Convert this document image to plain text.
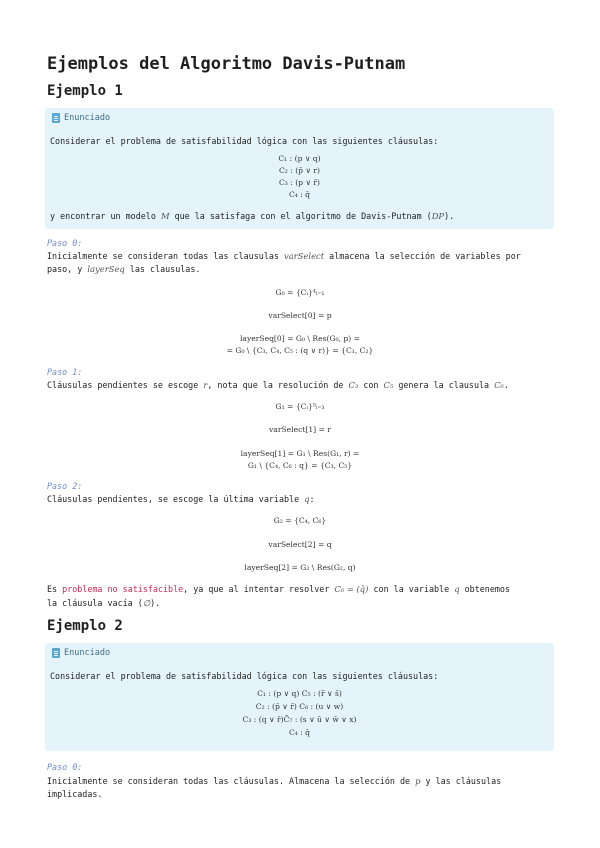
Ejemplos del Algoritmo Davis-Putnam
Ejemplo 1
Enunciado
Considerar el problema de satisfabilidad lógica con las siguientes cláusulas:
C₁ : (p ∨ q)
C₂ : (p̄ ∨ r)
C₃ : (p ∨ r̄)
C₄ : q̄
y encontrar un modelo M que la satisfaga con el algoritmo de Davis-Putnam (DP).
Paso 0:
Inicialmente se consideran todas las clausulas varSelect almacena la selección de variables por
paso, y layerSeq las clausulas.
G₀ = {Cᵢ}⁴ᵢ₌₁
varSelect[0] = p
layerSeq[0] = G₀ \ Res(G₀, p) =
= G₀ \ {C₃, C₄, C₅ : (q ∨ r)} = {C₁, C₂}
Paso 1:
Cláusulas pendientes se escoge r, nota que la resolución de C₃ con C₅ genera la clausula C₆.
G₁ = {Cᵢ}⁵ᵢ₌₃
varSelect[1] = r
layerSeq[1] = G₁ \ Res(G₁, r) =
G₁ \ {C₄, C₆ : q} = {C₃, C₅}
Paso 2:
Cláusulas pendientes, se escoge la última variable q:
G₂ = {C₄, C₆}
varSelect[2] = q
layerSeq[2] = G₂ \ Res(G₂, q)
Es problema no satisfacible, ya que al intentar resolver C₆ = (q̄) con la variable q obtenemos
la cláusula vacía (∅).
Ejemplo 2
Enunciado
Considerar el problema de satisfabilidad lógica con las siguientes cláusulas:
C₁ : (p ∨ q) C₅ : (r̄ ∨ s̄)
C₂ : (p̄ ∨ r̄) C₆ : (u ∨ w)
C₃ : (q ∨ r̄)C̄₇ : (s ∨ ū ∨ w̄ ∨ x)
C₄ : q̄
Paso 0:
Inicialmente se consideran todas las cláusulas. Almacena la selección de p y las cláusulas
implicadas.
